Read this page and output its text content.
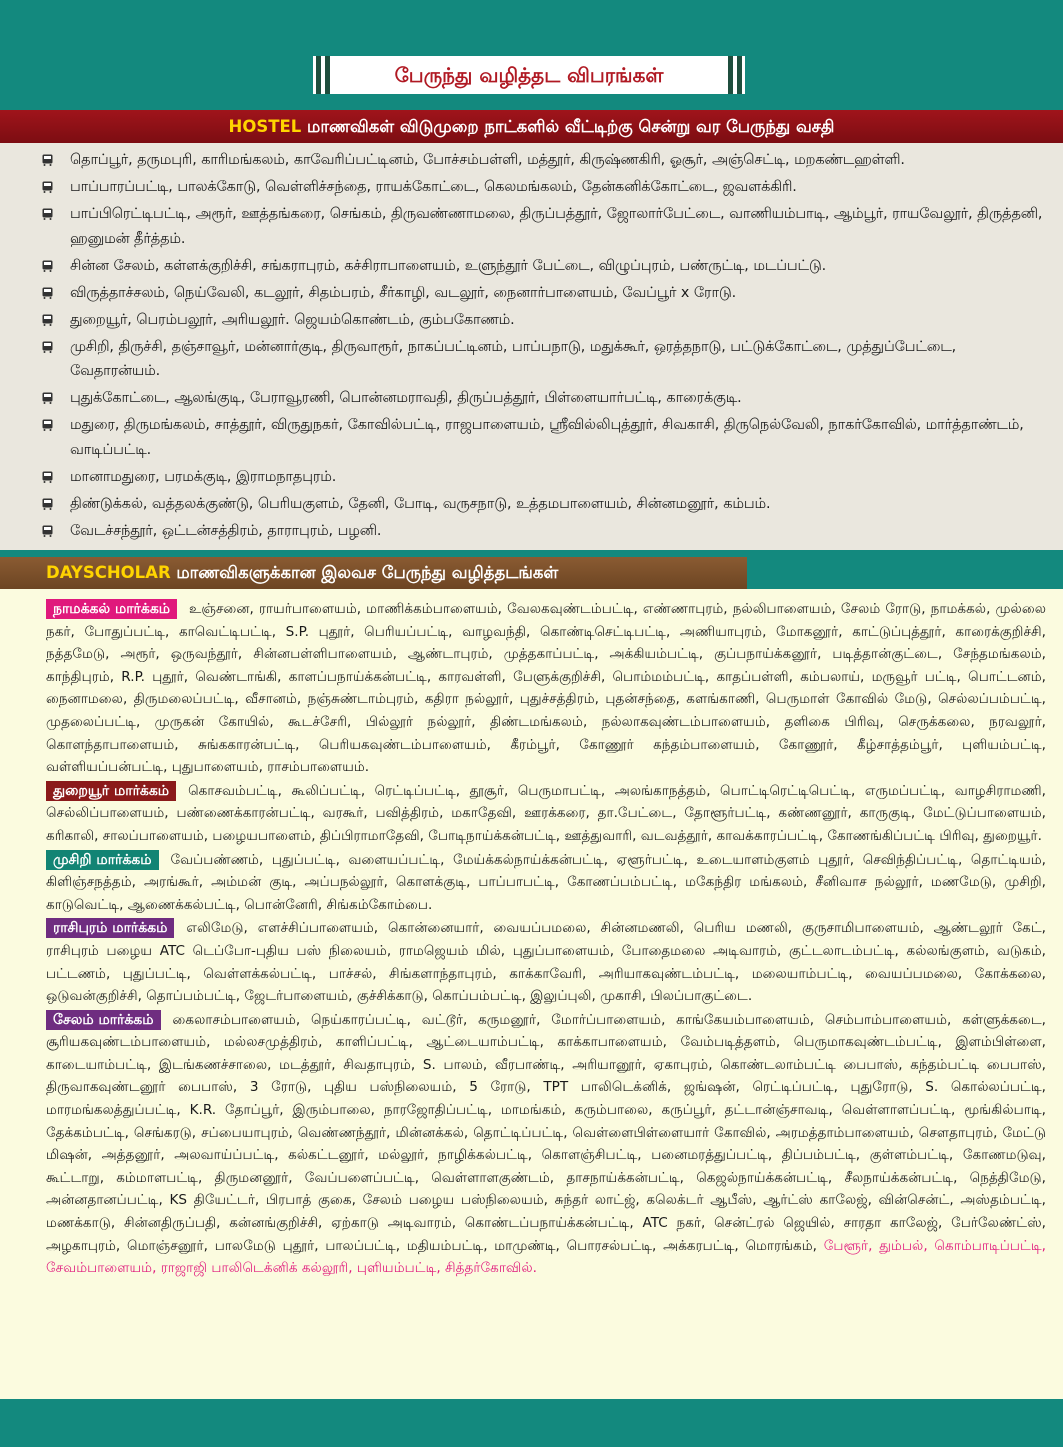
பேருந்து வழித்தட விபரங்கள்
HOSTEL மாணவிகள் விடுமுறை நாட்களில் வீட்டிற்கு சென்று வர பேருந்து வசதி
தொப்பூர், தருமபுரி, காரிமங்கலம், காவேரிப்பட்டினம், போச்சம்பள்ளி, மத்தூர், கிருஷ்ணகிரி, ஓசூர், அஞ்செட்டி, மறகண்டஹள்ளி.
பாப்பாரப்பட்டி, பாலக்கோடு, வெள்ளிச்சந்தை, ராயக்கோட்டை, கெலமங்கலம், தேன்கனிக்கோட்டை, ஜவளக்கிரி.
பாப்பிரெட்டிபட்டி, அரூர், ஊத்தங்கரை, செங்கம், திருவண்ணாமலை, திருப்பத்தூர், ஜோலார்பேட்டை, வாணியம்பாடி, ஆம்பூர், ராயவேலூர், திருத்தனி, ஹனுமன் தீர்த்தம்.
சின்ன சேலம், கள்ளக்குறிச்சி, சங்கராபுரம், கச்சிராபாளையம், உளுந்தூர் பேட்டை, விழுப்புரம், பண்ருட்டி, மடப்பட்டு.
விருத்தாச்சலம், நெய்வேலி, கடலூர், சிதம்பரம், சீர்காழி, வடலூர், நைனார்பாளையம், வேப்பூர் x ரோடு.
துறையூர், பெரம்பலூர், அரியலூர். ஜெயம்கொண்டம், கும்பகோணம்.
முசிறி, திருச்சி, தஞ்சாவூர், மன்னார்குடி, திருவாரூர், நாகப்பட்டினம், பாப்பநாடு, மதுக்கூர், ஒரத்தநாடு, பட்டுக்கோட்டை, முத்துப்பேட்டை, வேதாரன்யம்.
புதுக்கோட்டை, ஆலங்குடி, பேராவூரணி, பொன்னமராவதி, திருப்பத்தூர், பிள்ளையார்பட்டி, காரைக்குடி.
மதுரை, திருமங்கலம், சாத்தூர், விருதுநகர், கோவில்பட்டி, ராஜபாளையம், ஸ்ரீவில்லிபுத்தூர், சிவகாசி, திருநெல்வேலி, நாகர்கோவில், மார்த்தாண்டம், வாடிப்பட்டி.
மானாமதுரை, பரமக்குடி, இராமநாதபுரம்.
திண்டுக்கல், வத்தலக்குண்டு, பெரியகுளம், தேனி, போடி, வருசநாடு, உத்தமபாளையம், சின்னமனூர், கம்பம்.
வேடச்சந்தூர், ஒட்டன்சத்திரம், தாராபுரம், பழனி.
DAYSCHOLAR மாணவிகளுக்கான இலவச பேருந்து வழித்தடங்கள்
நாமக்கல் மார்க்கம் உஞ்சனை, ராயர்பாளையம், மாணிக்கம்பாளையம், வேலகவுண்டம்பட்டி, எண்ணாபுரம், நல்லிபாளையம், சேலம் ரோடு, நாமக்கல், முல்லை நகர், போதுப்பட்டி, காவெட்டிபட்டி, S.P. புதூர், பெரியப்பட்டி, வாழவந்தி, கொண்டிசெட்டிபட்டி, அணியாபுரம், மோகனூர், காட்டுப்புத்தூர், காரைக்குறிச்சி, நத்தமேடு, அரூர், ஒருவந்தூர், சின்னபள்ளிபாளையம், ஆண்டாபுரம், முத்தகாப்பட்டி, அக்கியம்பட்டி, குப்பநாய்க்கனூர், படித்தான்குட்டை, சேந்தமங்கலம், காந்திபுரம், R.P. புதூர், வெண்டாங்கி, காளப்பநாய்க்கன்பட்டி, காரவள்ளி, பேளுக்குறிச்சி, பொம்மம்பட்டி, காதப்பள்ளி, கம்பலாய், மருவூர் பட்டி, பொட்டனம், நைனாமலை, திருமலைப்பட்டி, வீசானம், நஞ்சுண்டாம்புரம், கதிரா நல்லூர், புதுச்சத்திரம், புதன்சந்தை, களங்காணி, பெருமாள் கோவில் மேடு, செல்லப்பம்பட்டி, முதலைப்பட்டி, முருகன் கோயில், கூடச்சேரி, பில்லூர் நல்லூர், திண்டமங்கலம், நல்லாகவுண்டம்பாளையம், தளிகை பிரிவு, செருக்கலை, நரவலூர், கொளந்தாபாளையம், சுங்ககாரன்பட்டி, பெரியகவுண்டம்பாளையம், கீரம்பூர், கோணூர் கந்தம்பாளையம், கோணூர், கீழ்சாத்தம்பூர், புளியம்பட்டி, வள்ளியப்பன்பட்டி, புதுபாளையம், ராசம்பாளையம்.
துறையூர் மார்க்கம் கொசவம்பட்டி, கூலிப்பட்டி, ரெட்டிப்பட்டி, தூசூர், பெருமாபட்டி, அலங்காநத்தம், பொட்டிரெட்டிபெட்டி, எருமப்பட்டி, வாழசிராமணி, செல்லிப்பாளையம், பண்ணைக்காரன்பட்டி, வரகூர், பவித்திரம், மகாதேவி, ஊரக்கரை, தா.பேட்டை, தோளூர்பட்டி, கண்ணனூர், காருகுடி, மேட்டுப்பாளையம், கரிகாலி, சாலப்பாளையம், பழையபாளைம், திப்பிராமாதேவி, போடிநாய்க்கன்பட்டி, ஊத்துவாரி, வடவத்தூர், காவக்காரப்பட்டி, கோணங்கிப்பட்டி பிரிவு, துறையூர்.
முசிறி மார்க்கம் வேப்பண்ணம், புதுப்பட்டி, வளையப்பட்டி, மேய்க்கல்நாய்க்கன்பட்டி, ஏளூர்பட்டி, உடையாளம்குளம் புதூர், செவிந்திப்பட்டி, தொட்டியம், கிளிஞ்சநத்தம், அரங்கூர், அம்மன் குடி, அப்பநல்லூர், கொளக்குடி, பாப்பாபட்டி, கோணப்பம்பட்டி, மகேந்திர மங்கலம், சீனிவாச நல்லூர், மணமேடு, முசிறி, காடுவெட்டி, ஆணைக்கல்பட்டி, பொன்னேரி, சிங்கம்கோம்பை.
ராசிபுரம் மார்க்கம் எலிமேடு, எளச்சிப்பாளையம், கொன்னையார், வையப்பமலை, சின்னமணலி, பெரிய மணலி, குருசாமிபாளையம், ஆண்டலூர் கேட், ராசிபுரம் பழைய ATC டெப்போ-புதிய பஸ் நிலையம், ராமஜெயம் மில், புதுப்பாளையம், போதைமலை அடிவாரம், குட்டலாடம்பட்டி, கல்லங்குளம், வடுகம், பட்டணம், புதுப்பட்டி, வெள்ளக்கல்பட்டி, பாச்சல், சிங்களாந்தாபுரம், காக்காவேரி, அரியாகவுண்டம்பட்டி, மலையாம்பட்டி, வையப்பமலை, கோக்கலை, ஒடுவன்குறிச்சி, தொப்பம்பட்டி, ஜேடர்பாளையம், குச்சிக்காடு, கொப்பம்பட்டி, இலுப்புலி, முகாசி, பிலப்பாகுட்டை.
சேலம் மார்க்கம் கைலாசம்பாளையம், நெய்காரப்பட்டி, வட்டூர், கருமனூர், மோர்ப்பாளையம், காங்கேயம்பாளையம், செம்பாம்பாளையம், கள்ளுக்கடை, சூரியகவுண்டம்பாளையம், மல்லசமுத்திரம், காளிப்பட்டி, ஆட்டையாம்பட்டி, காக்காபாளையம், வேம்படித்தளம், பெருமாகவுண்டம்பட்டி, இளம்பிள்ளை, காடையாம்பட்டி, இடங்கணச்சாலை, மடத்தூர், சிவதாபுரம், S. பாலம், வீரபாண்டி, அரியானூர், ஏகாபுரம், கொண்டலாம்பட்டி பைபாஸ், கந்தம்பட்டி பைபாஸ், திருவாகவுண்டனூர் பைபாஸ், 3 ரோடு, புதிய பஸ்நிலையம், 5 ரோடு, TPT பாலிடெக்னிக், ஜங்ஷன், ரெட்டிப்பட்டி, புதுரோடு, S. கொல்லப்பட்டி, மாரமங்கலத்துப்பட்டி, K.R. தோப்பூர், இரும்பாலை, நாரஜோதிப்பட்டி, மாமங்கம், கரும்பாலை, கருப்பூர், தட்டான்ஞ்சாவடி, வெள்ளாளப்பட்டி, மூங்கில்பாடி, தேக்கம்பட்டி, செங்கரடு, சப்பையாபுரம், வெண்ணந்தூர், மின்னக்கல், தொட்டிப்பட்டி, வெள்ளைபிள்ளையார் கோவில், அரமத்தாம்பாளையம், சௌதாபுரம், மேட்டு மிஷன், அத்தனூர், அலவாய்ப்பட்டி, கல்கட்டனூர், மல்லூர், நாழிக்கல்பட்டி, கொளஞ்சிபட்டி, பனைமரத்துப்பட்டி, திப்பம்பட்டி, குள்ளம்பட்டி, கோணமடுவு, கூட்டாறு, கம்மாளபட்டி, திருமனனூர், வேப்பளைப்பட்டி, வெள்ளாளகுண்டம், தாசநாய்க்கன்பட்டி, கெஜல்நாய்க்கன்பட்டி, சீலநாய்க்கன்பட்டி, நெத்திமேடு, அன்னதானப்பட்டி, KS தியேட்டர், பிரபாத் குகை, சேலம் பழைய பஸ்நிலையம், சுந்தர் லாட்ஜ், கலெக்டர் ஆபீஸ், ஆர்ட்ஸ் காலேஜ், வின்சென்ட், அஸ்தம்பட்டி, மணக்காடு, சின்னதிருப்பதி, கன்னங்குறிச்சி, ஏற்காடு அடிவாரம், கொண்டப்பநாய்க்கன்பட்டி, ATC நகர், சென்ட்ரல் ஜெயில், சாரதா காலேஜ், பேர்லேண்ட்ஸ், அழகாபுரம், மொஞ்சனூர், பாலமேடு புதூர், பாலப்பட்டி, மதியம்பட்டி, மாமுண்டி, பொரசல்பட்டி, அக்கரபட்டி, மொரங்கம், பேளூர், தும்பல், கொம்பாடிப்பட்டி, சேவம்பாளையம், ராஜாஜி பாலிடெக்னிக் கல்லூரி, புளியம்பட்டி, சித்தர்கோவில்.
